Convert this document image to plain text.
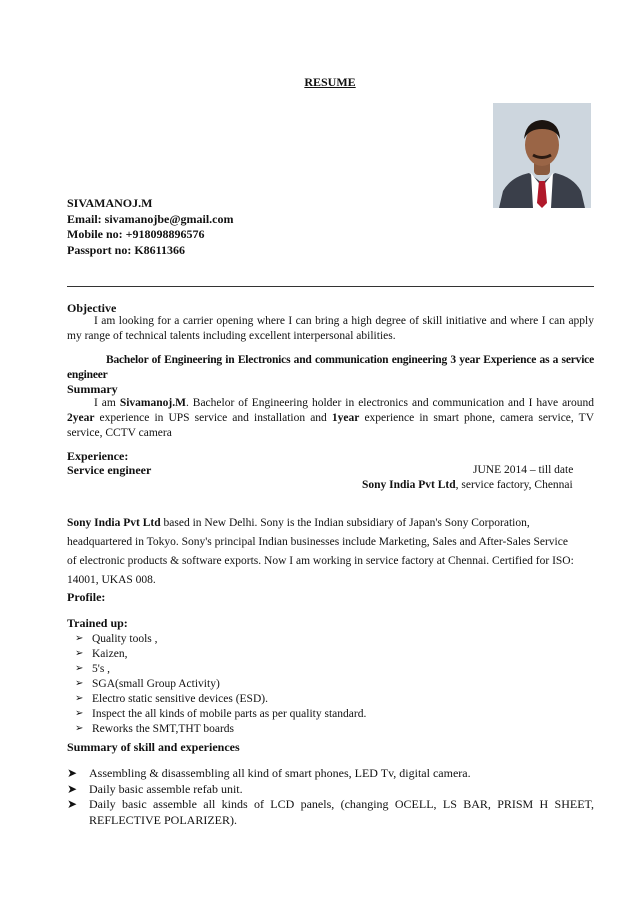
RESUME
SIVAMANOJ.M
Email: sivamanojbe@gmail.com
Mobile no: +918098896576
Passport no: K8611366
Objective
I am looking for a carrier opening where I can bring a high degree of skill initiative and where I can apply my range of technical talents including excellent interpersonal abilities.
Bachelor of Engineering in Electronics and communication engineering 3 year Experience as a service engineer
Summary
I am Sivamanoj.M. Bachelor of Engineering holder in electronics and communication and I have around 2year experience in UPS service and installation and 1year experience in smart phone, camera service, TV service, CCTV camera
Experience:
Service engineer	JUNE 2014 – till date
Sony India Pvt Ltd, service factory, Chennai
Sony India Pvt Ltd based in New Delhi. Sony is the Indian subsidiary of Japan's Sony Corporation, headquartered in Tokyo. Sony's principal Indian businesses include Marketing, Sales and After-Sales Service of electronic products & software exports. Now I am working in service factory at Chennai. Certified for ISO: 14001, UKAS 008.
Profile:
Trained up:
➢ Quality tools ,
➢ Kaizen,
➢ 5's ,
➢ SGA(small Group Activity)
➢ Electro static sensitive devices (ESD).
➢ Inspect the all kinds of mobile parts as per quality standard.
➢ Reworks the SMT,THT boards
Summary of skill and experiences
➤ Assembling & disassembling all kind of smart phones, LED Tv, digital camera.
➤ Daily basic assemble refab unit.
➤ Daily basic assemble all kinds of LCD panels, (changing OCELL, LS BAR, PRISM H SHEET, REFLECTIVE POLARIZER).
